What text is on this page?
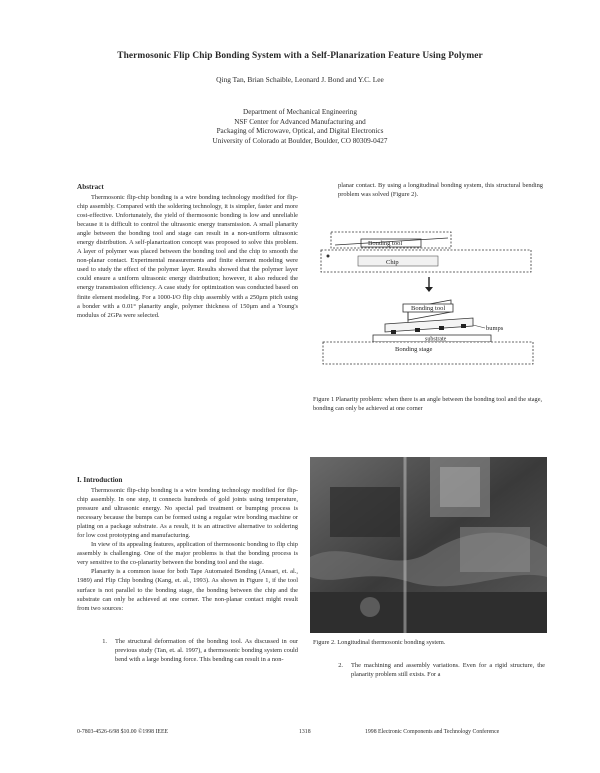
Thermosonic Flip Chip Bonding System with a Self-Planarization Feature Using Polymer
Qing Tan, Brian Schaible, Leonard J. Bond and Y.C. Lee
Department of Mechanical Engineering
NSF Center for Advanced Manufacturing and
Packaging of Microwave, Optical, and Digital Electronics
University of Colorado at Boulder, Boulder, CO 80309-0427
Abstract

Thermosonic flip-chip bonding is a wire bonding technology modified for flip-chip assembly. Compared with the soldering technology, it is simpler, faster and more cost-effective. Unfortunately, the yield of thermosonic bonding is low and unreliable because it is difficult to control the ultrasonic energy transmission. A small planarity angle between the bonding tool and stage can result in a non-uniform ultrasonic energy distribution. A self-planarization concept was proposed to solve this problem. A layer of polymer was placed between the bonding tool and the chip to smooth the non-planar contact. Experimental measurements and finite element modeling were used to study the effect of the polymer layer. Results showed that the polymer layer could ensure a uniform ultrasonic energy distribution; however, it also reduced the energy transmission efficiency. A case study for optimization was conducted based on finite element modeling. For a 1000-I/O flip chip assembly with a 250μm pitch using a bonder with a 0.01° planarity angle, polymer thickness of 150μm and a Young's modulus of 2GPa were selected.

I. Introduction

Thermosonic flip-chip bonding is a wire bonding technology modified for flip-chip assembly. In one step, it connects hundreds of gold joints using temperature, pressure and ultrasonic energy. No special pad treatment or bumping process is necessary because the bumps can be formed using a regular wire bonding machine or plating on a package substrate. As a result, it is an attractive alternative to soldering for low cost prototyping and manufacturing.

In view of its appealing features, application of thermosonic bonding to flip chip assembly is challenging. One of the major problems is that the bonding process is very sensitive to the co-planarity between the bonding tool and the stage.

Planarity is a common issue for both Tape Automated Bonding (Ansari, et. al., 1989) and Flip Chip bonding (Kang, et. al., 1993). As shown in Figure 1, if the tool surface is not parallel to the bonding stage, the bonding between the chip and the substrate can only be achieved at one corner. The non-planar contact might result from two sources:

1.	The structural deformation of the bonding tool. As discussed in our previous study (Tan, et. al. 1997), a thermosonic bonding system could bend with a large bonding force. This bending can result in a non-

planar contact. By using a longitudinal bonding system, this structural bending problem was solved (Figure 2).

Bonding tool
Chip
Bonding tool
bumps
substrate
Bonding stage
Figure 1 Planarity problem: when there is an angle between the bonding tool and the stage, bonding can only be achieved at one corner
Figure 2. Longitudinal thermosonic bonding system.
2.	The machining and assembly variations. Even for a rigid structure, the planarity problem still exists. For a
0-7803-4526-6/98 $10.00 ©1998 IEEE	1318	1998 Electronic Components and Technology Conference
